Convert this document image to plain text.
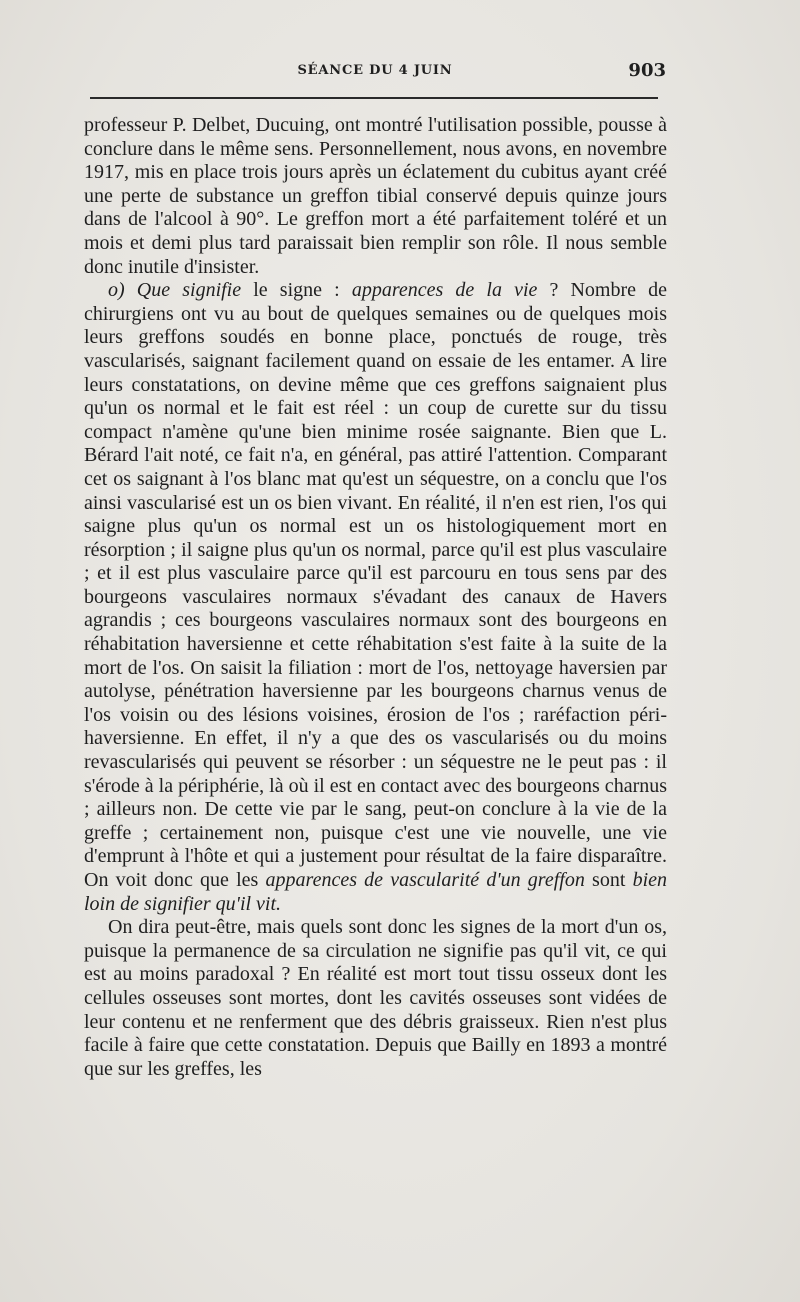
SÉANCE DU 4 JUIN	903

professeur P. Delbet, Ducuing, ont montré l'utilisation possible, pousse à conclure dans le même sens. Personnellement, nous avons, en novembre 1917, mis en place trois jours après un éclatement du cubitus ayant créé une perte de substance un greffon tibial conservé depuis quinze jours dans de l'alcool à 90°. Le greffon mort a été parfaitement toléré et un mois et demi plus tard paraissait bien remplir son rôle. Il nous semble donc inutile d'insister.

o) Que signifie le signe : apparences de la vie ? Nombre de chirurgiens ont vu au bout de quelques semaines ou de quelques mois leurs greffons soudés en bonne place, ponctués de rouge, très vascularisés, saignant facilement quand on essaie de les entamer. A lire leurs constatations, on devine même que ces greffons saignaient plus qu'un os normal et le fait est réel : un coup de curette sur du tissu compact n'amène qu'une bien minime rosée saignante. Bien que L. Bérard l'ait noté, ce fait n'a, en général, pas attiré l'attention. Comparant cet os saignant à l'os blanc mat qu'est un séquestre, on a conclu que l'os ainsi vascularisé est un os bien vivant. En réalité, il n'en est rien, l'os qui saigne plus qu'un os normal est un os histologiquement mort en résorption ; il saigne plus qu'un os normal, parce qu'il est plus vasculaire ; et il est plus vasculaire parce qu'il est parcouru en tous sens par des bourgeons vasculaires normaux s'évadant des canaux de Havers agrandis ; ces bourgeons vasculaires normaux sont des bourgeons en réhabitation haversienne et cette réhabitation s'est faite à la suite de la mort de l'os. On saisit la filiation : mort de l'os, nettoyage haversien par autolyse, pénétration haversienne par les bourgeons charnus venus de l'os voisin ou des lésions voisines, érosion de l'os ; raréfaction péri-haversienne. En effet, il n'y a que des os vascularisés ou du moins revascularisés qui peuvent se résorber : un séquestre ne le peut pas : il s'érode à la périphérie, là où il est en contact avec des bourgeons charnus ; ailleurs non. De cette vie par le sang, peut-on conclure à la vie de la greffe ; certainement non, puisque c'est une vie nouvelle, une vie d'emprunt à l'hôte et qui a justement pour résultat de la faire disparaître. On voit donc que les apparences de vascularité d'un greffon sont bien loin de signifier qu'il vit.

On dira peut-être, mais quels sont donc les signes de la mort d'un os, puisque la permanence de sa circulation ne signifie pas qu'il vit, ce qui est au moins paradoxal ? En réalité est mort tout tissu osseux dont les cellules osseuses sont mortes, dont les cavités osseuses sont vidées de leur contenu et ne renferment que des débris graisseux. Rien n'est plus facile à faire que cette constatation. Depuis que Bailly en 1893 a montré que sur les greffes, les
